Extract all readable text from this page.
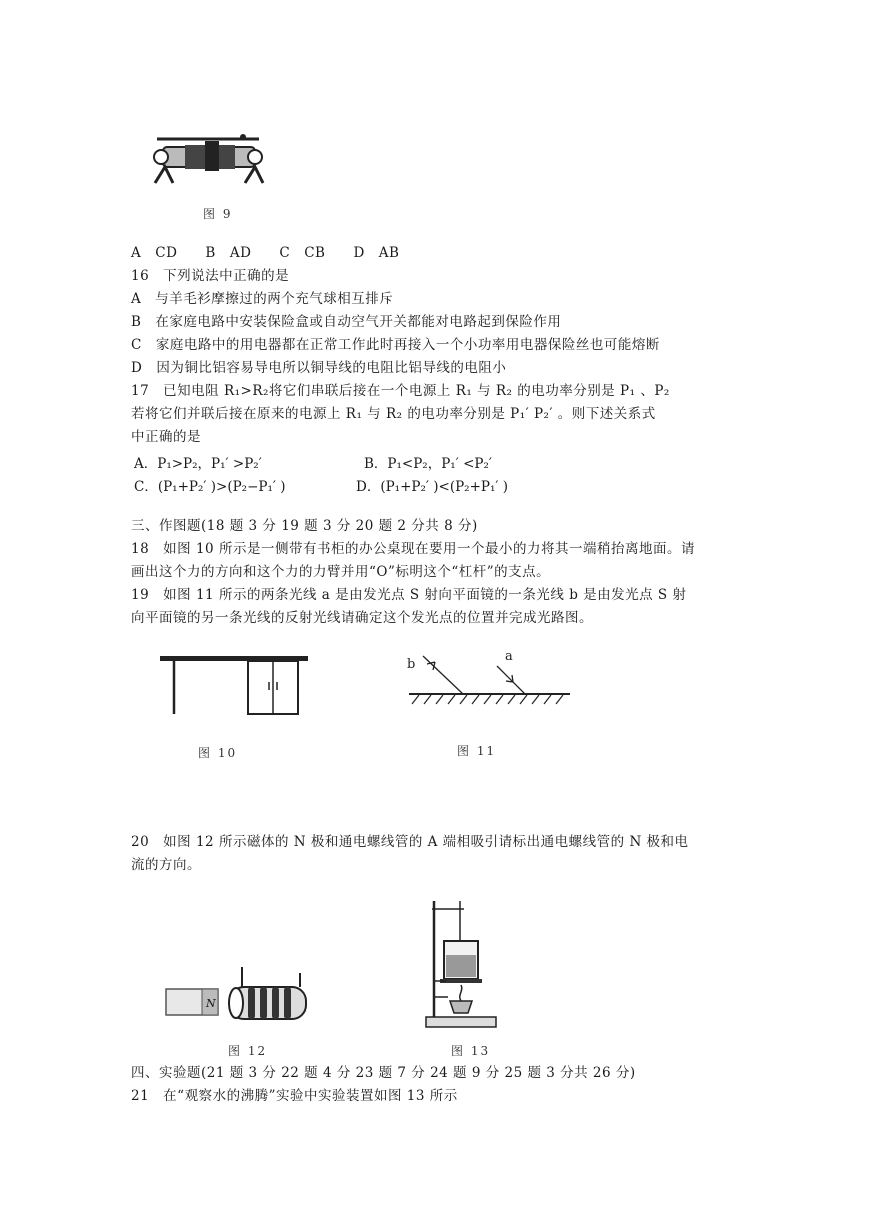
图 9
A　CD　　B　AD　　C　CB　　D　AB
16　下列说法中正确的是
A　与羊毛衫摩擦过的两个充气球相互排斥
B　在家庭电路中安装保险盒或自动空气开关都能对电路起到保险作用
C　家庭电路中的用电器都在正常工作此时再接入一个小功率用电器保险丝也可能熔断
D　因为铜比铝容易导电所以铜导线的电阻比铝导线的电阻小
17　已知电阻 R₁>R₂将它们串联后接在一个电源上 R₁ 与 R₂ 的电功率分别是 P₁ 、P₂
若将它们并联后接在原来的电源上 R₁ 与 R₂ 的电功率分别是 P₁′ P₂′ 。则下述关系式
中正确的是
A．P₁>P₂，P₁′ >P₂′	B．P₁<P₂，P₁′ <P₂′
C．(P₁+P₂′ )>(P₂−P₁′ )	D．(P₁+P₂′ )<(P₂+P₁′ )
三、作图题(18 题 3 分 19 题 3 分 20 题 2 分共 8 分)
18　如图 10 所示是一侧带有书柜的办公桌现在要用一个最小的力将其一端稍抬离地面。请
画出这个力的方向和这个力的力臂并用“O”标明这个“杠杆”的支点。
19　如图 11 所示的两条光线 a 是由发光点 S 射向平面镜的一条光线 b 是由发光点 S 射
向平面镜的另一条光线的反射光线请确定这个发光点的位置并完成光路图。
图 10
b
a
图 11
20　如图 12 所示磁体的 N 极和通电螺线管的 A 端相吸引请标出通电螺线管的 N 极和电
流的方向。
N
图 12	图 13
四、实验题(21 题 3 分 22 题 4 分 23 题 7 分 24 题 9 分 25 题 3 分共 26 分)
21　在“观察水的沸腾”实验中实验装置如图 13 所示
